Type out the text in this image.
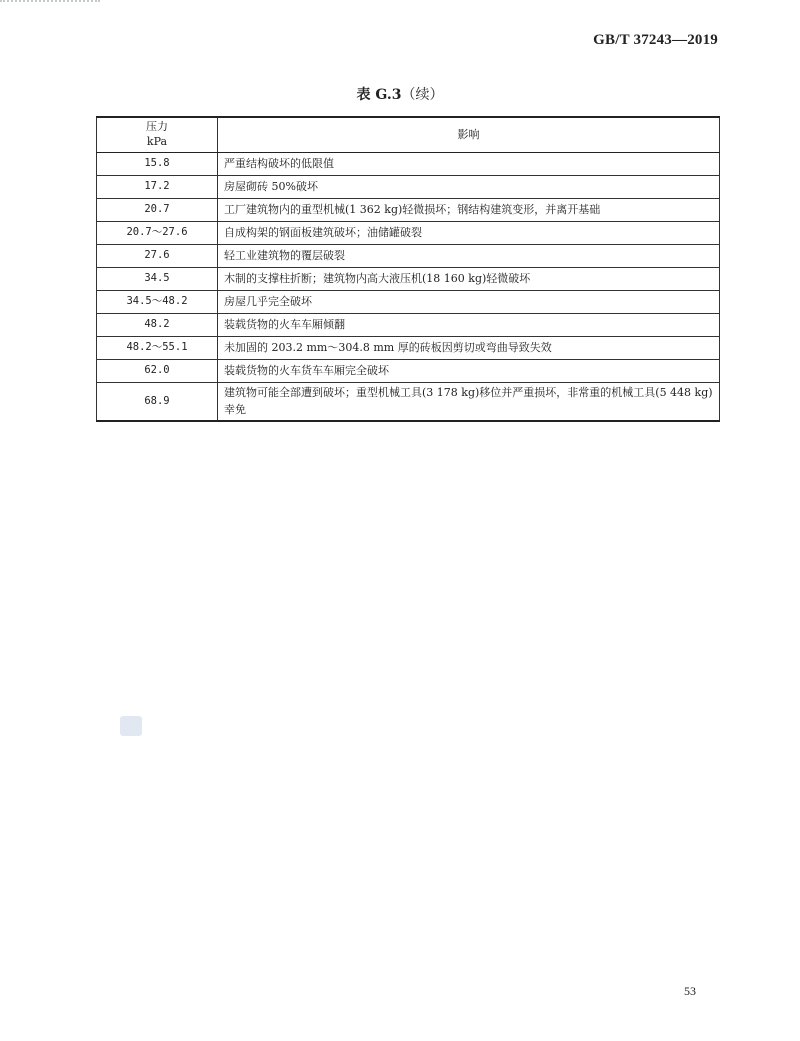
GB/T 37243—2019
表 G.3（续）
压力
kPa	影响
15.8	严重结构破坏的低限值
17.2	房屋砌砖 50%破坏
20.7	工厂建筑物内的重型机械(1 362 kg)轻微损坏；钢结构建筑变形，并离开基础
20.7～27.6	自成构架的钢面板建筑破坏；油储罐破裂
27.6	轻工业建筑物的覆层破裂
34.5	木制的支撑柱折断；建筑物内高大液压机(18 160 kg)轻微破坏
34.5～48.2	房屋几乎完全破坏
48.2	装载货物的火车车厢倾翻
48.2～55.1	未加固的 203.2 mm～304.8 mm 厚的砖板因剪切或弯曲导致失效
62.0	装载货物的火车货车车厢完全破坏
68.9	建筑物可能全部遭到破坏；重型机械工具(3 178 kg)移位并严重损坏，非常重的机械工具(5 448 kg)幸免
53
